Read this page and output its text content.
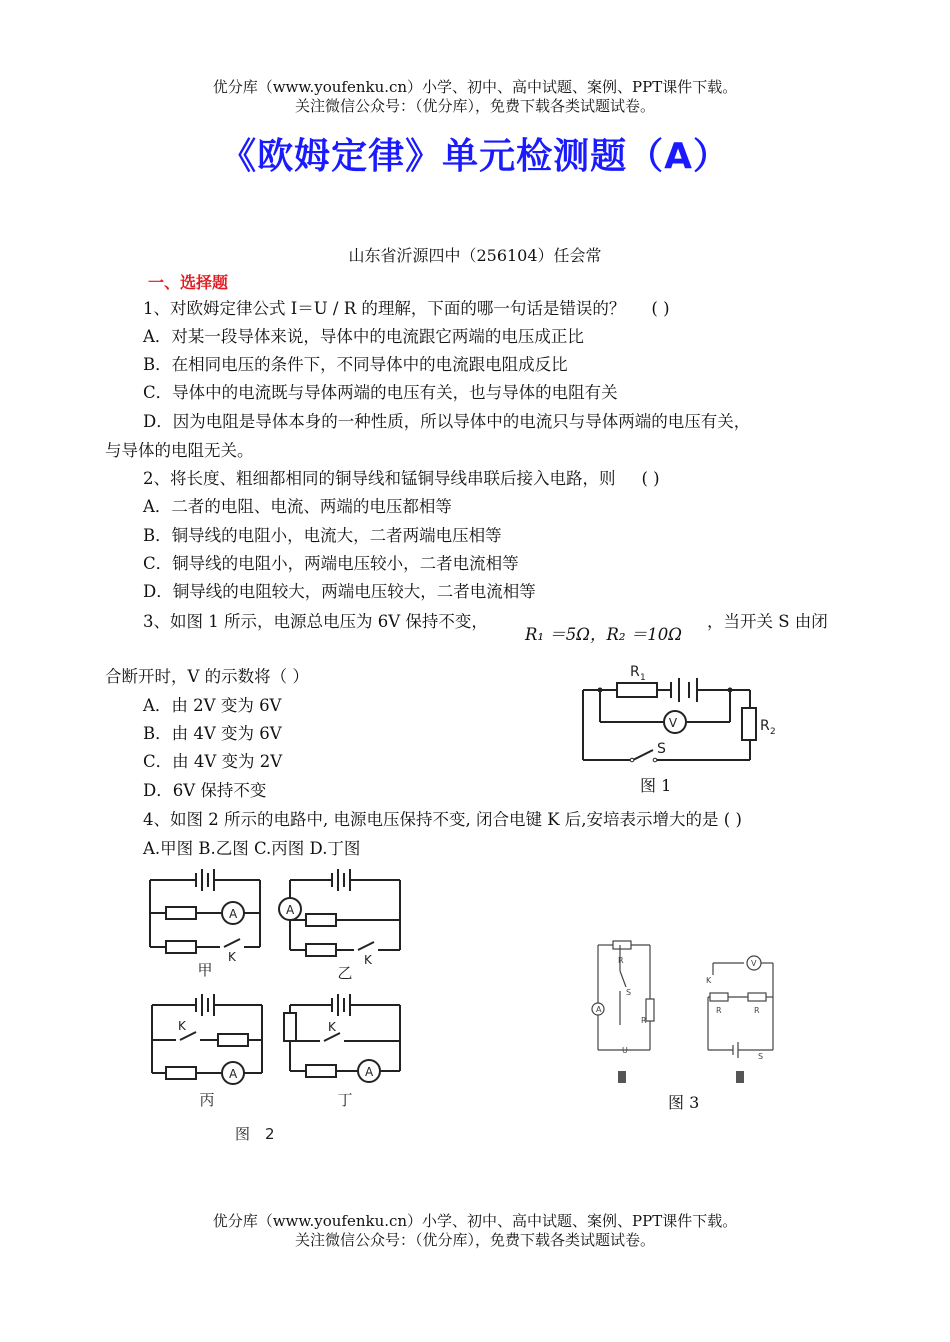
优分库（www.youfenku.cn）小学、初中、高中试题、案例、PPT课件下载。
关注微信公众号：（优分库），免费下载各类试题试卷。
《欧姆定律》单元检测题（A）
山东省沂源四中（256104）任会常
一、选择题
1、对欧姆定律公式 I＝U / R 的理解，下面的哪一句话是错误的？ ( )
A．对某一段导体来说，导体中的电流跟它两端的电压成正比
B．在相同电压的条件下，不同导体中的电流跟电阻成反比
C．导体中的电流既与导体两端的电压有关，也与导体的电阻有关
D．因为电阻是导体本身的一种性质，所以导体中的电流只与导体两端的电压有关，
与导体的电阻无关。
2、将长度、粗细都相同的铜导线和锰铜导线串联后接入电路，则 ( )
A．二者的电阻、电流、两端的电压都相等
B．铜导线的电阻小，电流大，二者两端电压相等
C．铜导线的电阻小，两端电压较小，二者电流相等
D．铜导线的电阻较大，两端电压较大，二者电流相等
3、如图 1 所示，电源总电压为 6V 保持不变，
R₁ ＝5Ω，R₂ ＝10Ω
，当开关 S 由闭
合断开时，V 的示数将（ ）
A．由 2V 变为 6V
B．由 4V 变为 6V
C．由 4V 变为 2V
D．6V 保持不变
V
R 1
R 2
S
图 1
4、如图 2 所示的电路中, 电源电压保持不变, 闭合电键 K 后,安培表示增大的是 ( )
A.甲图 B.乙图 C.丙图 D.丁图
A	A
A	A
K	K
K	K
甲	乙
丙	丁
图　2
R
S
R
A
U
V
R	R
K
S
图 3
优分库（www.youfenku.cn）小学、初中、高中试题、案例、PPT课件下载。
关注微信公众号：（优分库），免费下载各类试题试卷。
